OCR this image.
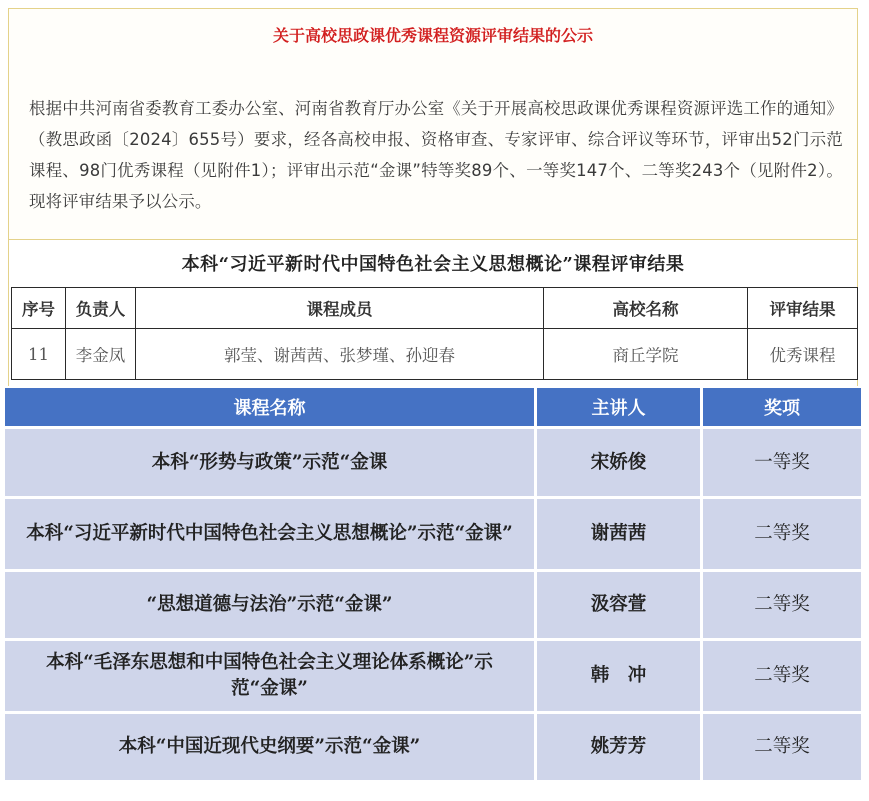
关于高校思政课优秀课程资源评审结果的公示
根据中共河南省委教育工委办公室、河南省教育厅办公室《关于开展高校思政课优秀课程资源评选工作的通知》（教思政函〔2024〕655号）要求，经各高校申报、资格审查、专家评审、综合评议等环节，评审出52门示范课程、98门优秀课程（见附件1）；评审出示范“金课”特等奖89个、一等奖147个、二等奖243个（见附件2）。现将评审结果予以公示。
本科“习近平新时代中国特色社会主义思想概论”课程评审结果
序号	负责人	课程成员	高校名称	评审结果
11	李金凤	郭莹、谢茜茜、张梦瑾、孙迎春	商丘学院	优秀课程
课程名称	主讲人	奖项
本科“形势与政策”示范“金课	宋娇俊	一等奖
本科“习近平新时代中国特色社会主义思想概论”示范“金课”	谢茜茜	二等奖
“思想道德与法治”示范“金课”	汲容萱	二等奖
本科“毛泽东思想和中国特色社会主义理论体系概论”示范“金课”	韩　冲	二等奖
本科“中国近现代史纲要”示范“金课”	姚芳芳	二等奖
